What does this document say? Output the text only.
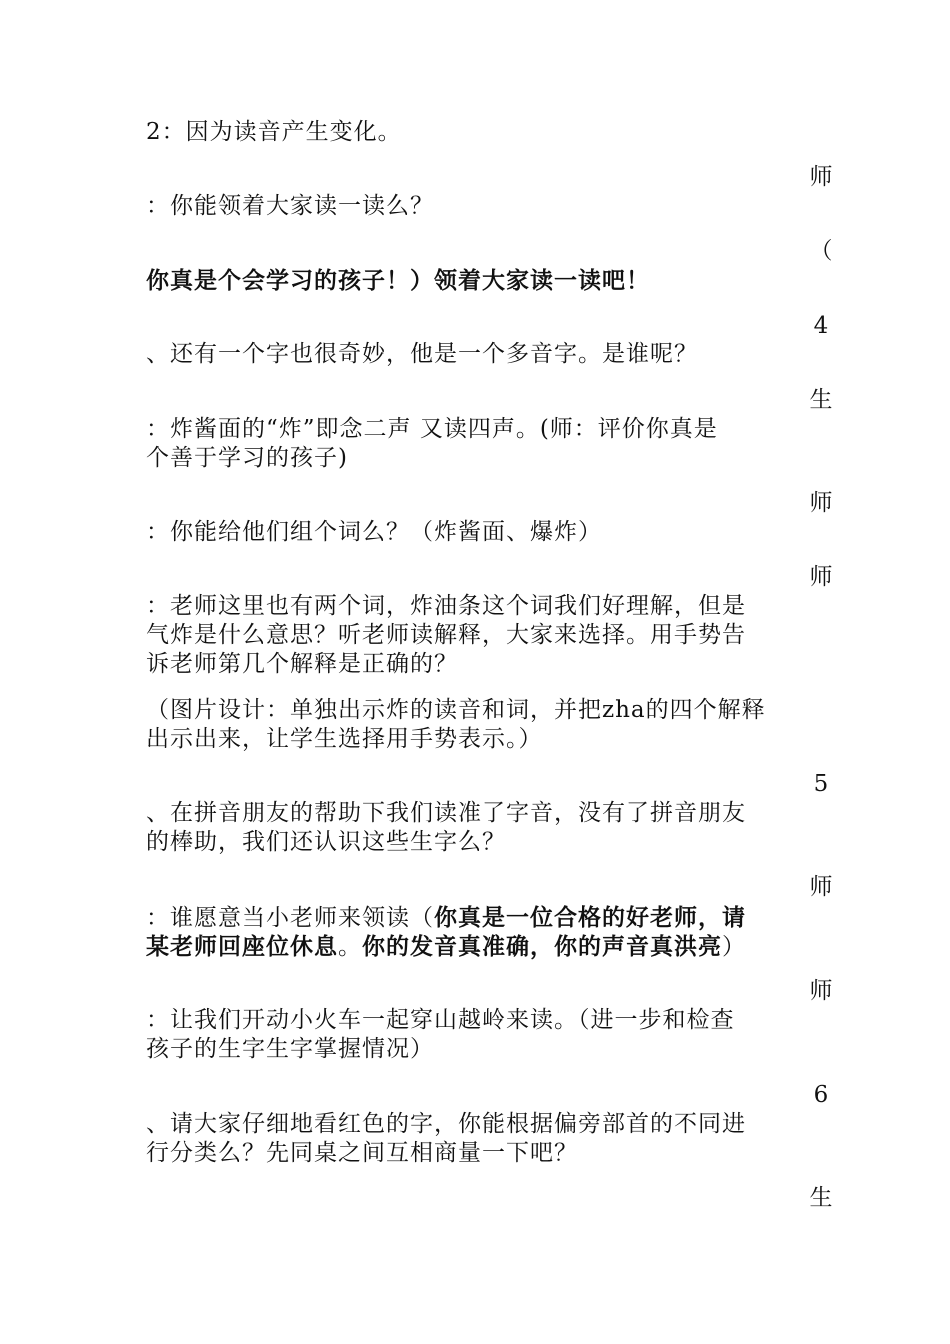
2：因为读音产生变化。

师

：你能领着大家读一读么？

（

你真是个会学习的孩子！）领着大家读一读吧！

4

、还有一个字也很奇妙，他是一个多音字。是谁呢？

生

：炸酱面的“炸”即念二声 又读四声。(师：评价你真是

个善于学习的孩子)

师

：你能给他们组个词么？（炸酱面、爆炸）

师

：老师这里也有两个词，炸油条这个词我们好理解，但是

气炸是什么意思？听老师读解释，大家来选择。用手势告

诉老师第几个解释是正确的？

（图片设计：单独出示炸的读音和词，并把zha的四个解释

出示出来，让学生选择用手势表示。）

5

、在拼音朋友的帮助下我们读准了字音，没有了拼音朋友

的棒助，我们还认识这些生字么？

师

：谁愿意当小老师来领读（你真是一位合格的好老师，请

某老师回座位休息。你的发音真准确，你的声音真洪亮）

师

：让我们开动小火车一起穿山越岭来读。（进一步和检查

孩子的生字生字掌握情况）

6

、请大家仔细地看红色的字，你能根据偏旁部首的不同进

行分类么？先同桌之间互相商量一下吧？

生
